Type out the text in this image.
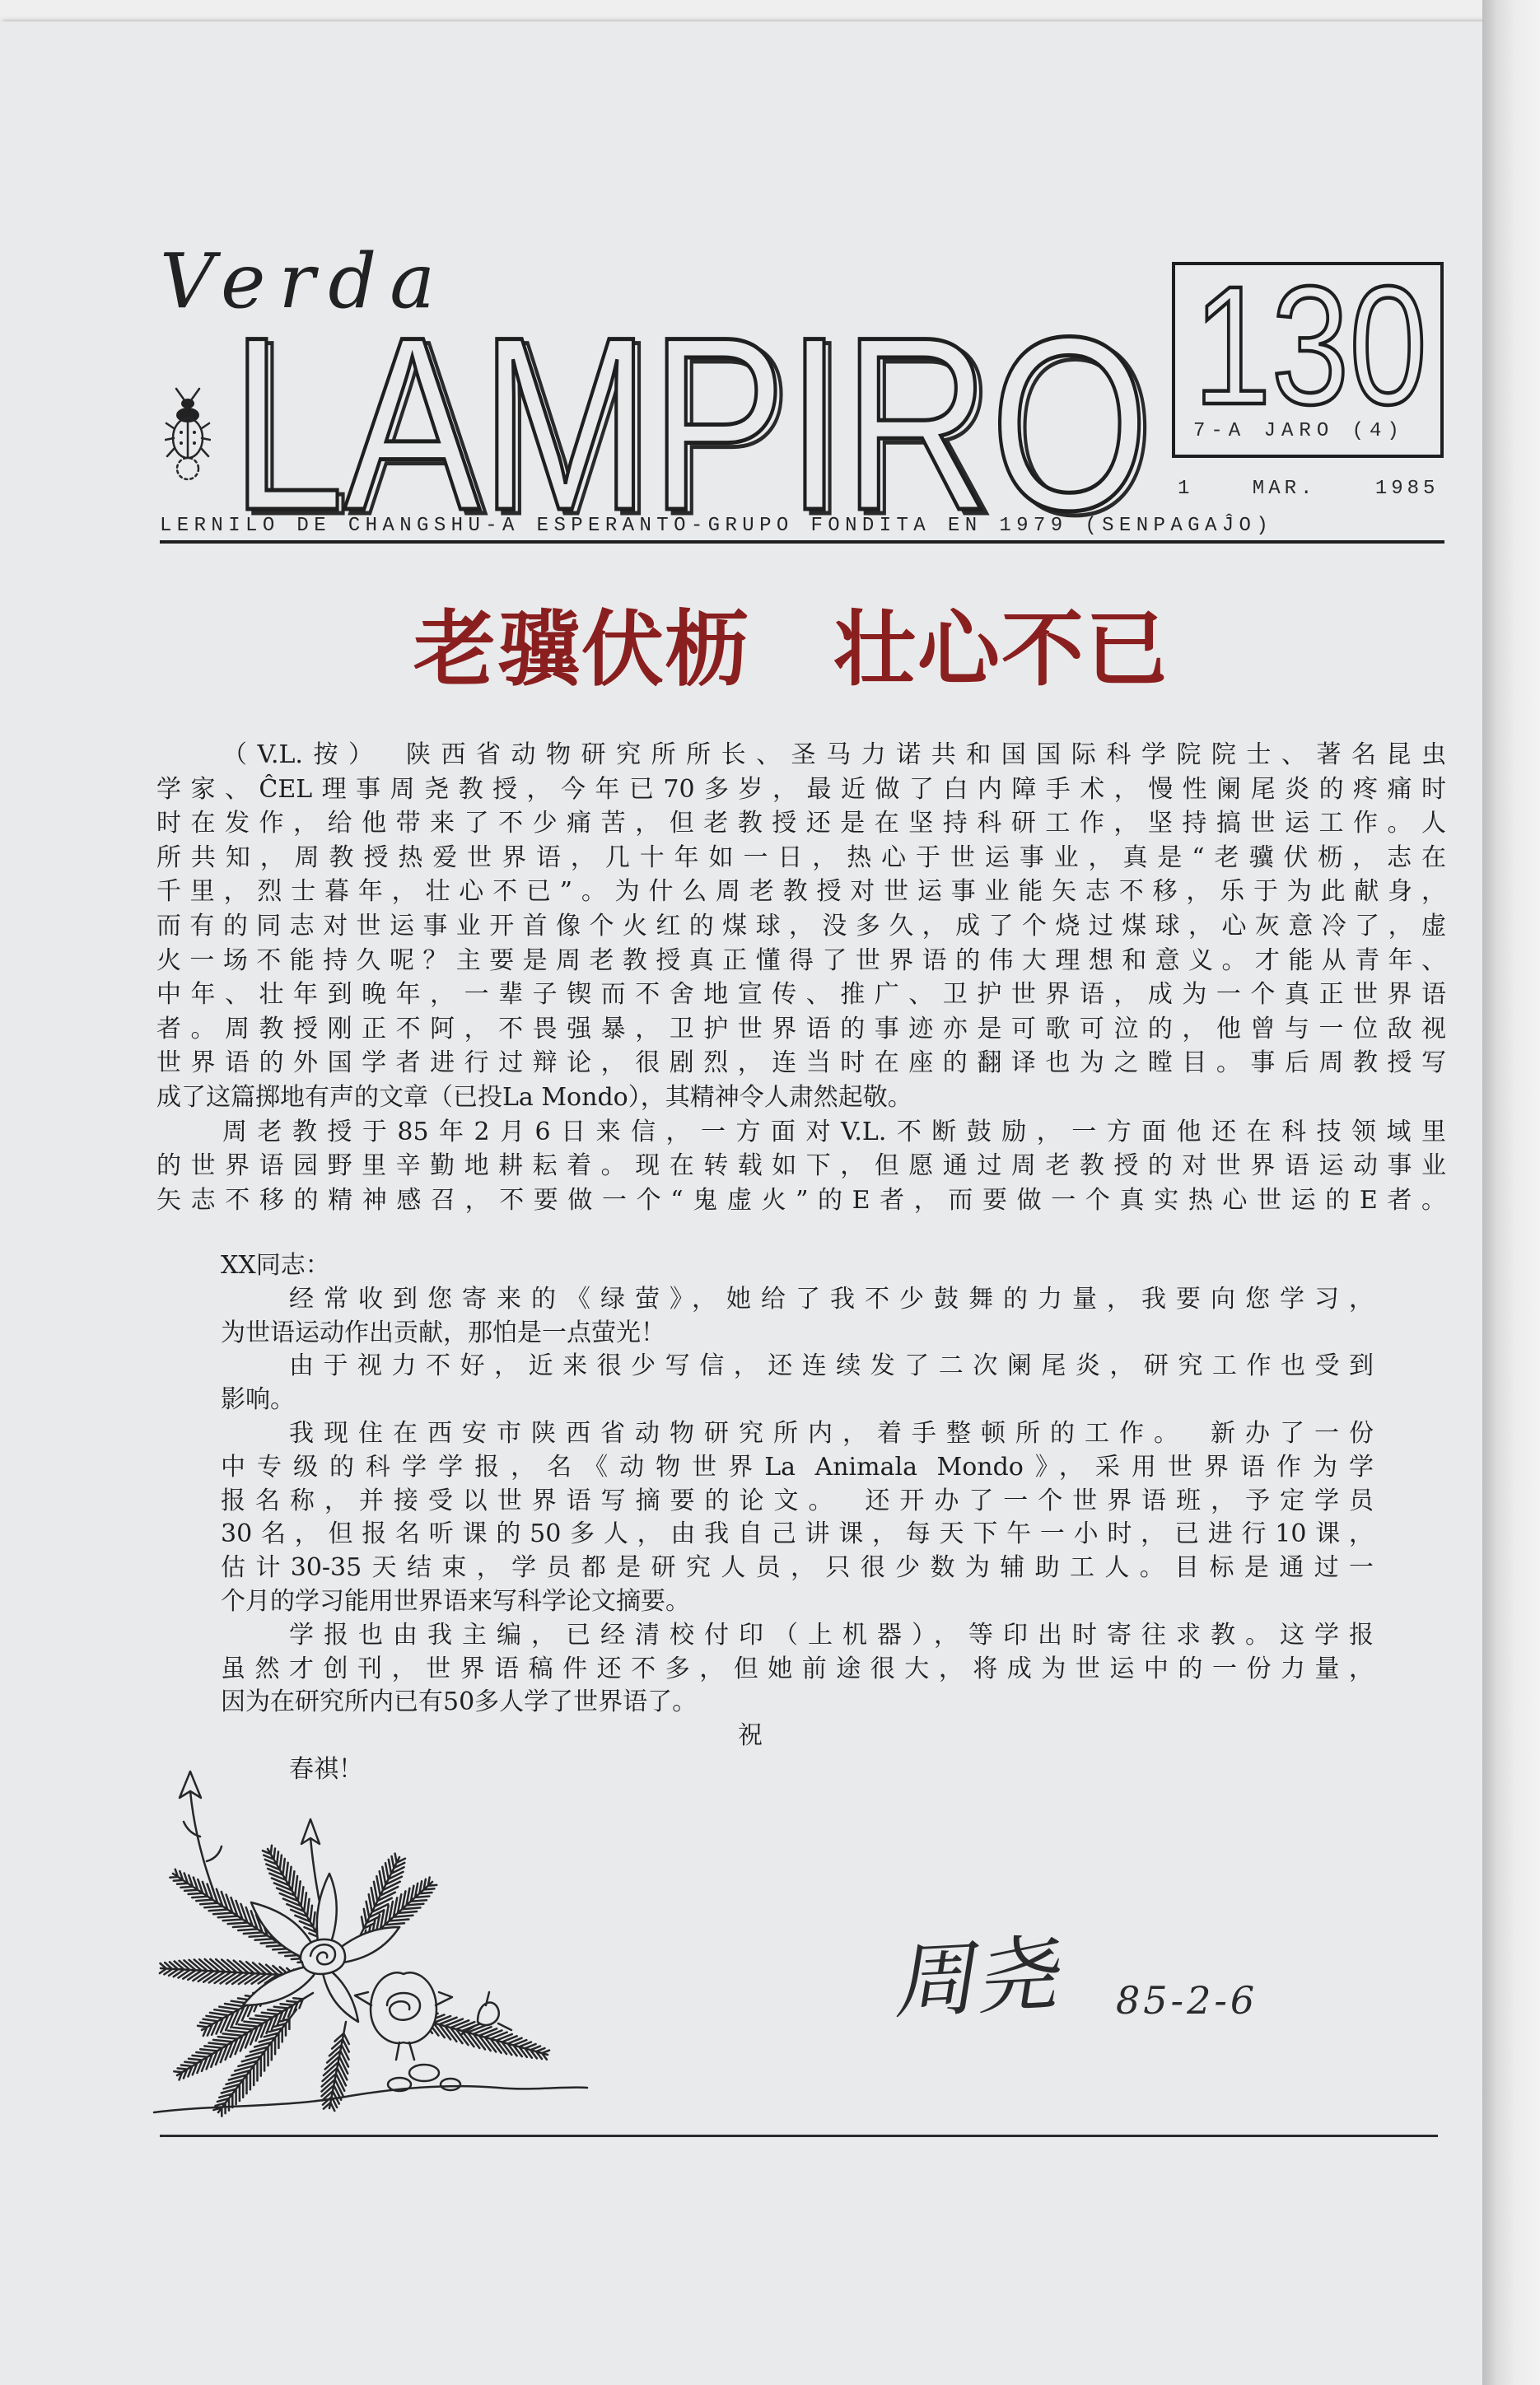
Verda
LAMPIRO
LAMPIRO 130
7-A JARO (4)
1 MAR. 1985
LERNILO DE CHANGSHU-A ESPERANTO-GRUPO FONDITA EN 1979 (SENPAGAĴO)
老骥伏枥　壮心不已
（V.L.按）　陕西省动物研究所所长、圣马力诺共和国国际科学院院士、著名昆虫
学家、ĈEL理事周尧教授，今年已70多岁，最近做了白内障手术，慢性阑尾炎的疼痛时
时在发作，给他带来了不少痛苦，但老教授还是在坚持科研工作，坚持搞世运工作。人
所共知，周教授热爱世界语，几十年如一日，热心于世运事业，真是“老骥伏枥，志在
千里，烈士暮年，壮心不已”。为什么周老教授对世运事业能矢志不移，乐于为此献身，
而有的同志对世运事业开首像个火红的煤球，没多久，成了个烧过煤球，心灰意冷了，虚
火一场不能持久呢？主要是周老教授真正懂得了世界语的伟大理想和意义。才能从青年、
中年、壮年到晚年，一辈子锲而不舍地宣传、推广、卫护世界语，成为一个真正世界语
者。周教授刚正不阿，不畏强暴，卫护世界语的事迹亦是可歌可泣的，他曾与一位敌视
世界语的外国学者进行过辩论，很剧烈，连当时在座的翻译也为之瞠目。事后周教授写
成了这篇掷地有声的文章（已投La Mondo），其精神令人肃然起敬。
周老教授于85年2月6日来信，一方面对V.L.不断鼓励，一方面他还在科技领域里
的世界语园野里辛勤地耕耘着。现在转载如下，但愿通过周老教授的对世界语运动事业
矢志不移的精神感召，不要做一个“鬼虚火”的E者，而要做一个真实热心世运的E者。
XX同志：
经常收到您寄来的《绿萤》，她给了我不少鼓舞的力量，我要向您学习，
为世语运动作出贡献，那怕是一点萤光！
由于视力不好，近来很少写信，还连续发了二次阑尾炎，研究工作也受到
影响。
我现住在西安市陕西省动物研究所内，着手整顿所的工作。　新办了一份
中专级的科学学报，名《动物世界La Animala Mondo》，采用世界语作为学
报名称，并接受以世界语写摘要的论文。　还开办了一个世界语班，予定学员
30名，但报名听课的50多人，由我自己讲课，每天下午一小时，已进行10课，
估计30-35天结束，学员都是研究人员，只很少数为辅助工人。目标是通过一
个月的学习能用世界语来写科学论文摘要。
学报也由我主编，已经清校付印（上机器），等印出时寄往求教。这学报
虽然才创刊，世界语稿件还不多，但她前途很大，将成为世运中的一份力量，
因为在研究所内已有50多人学了世界语了。
祝
春祺！
周尧 85-2-6
